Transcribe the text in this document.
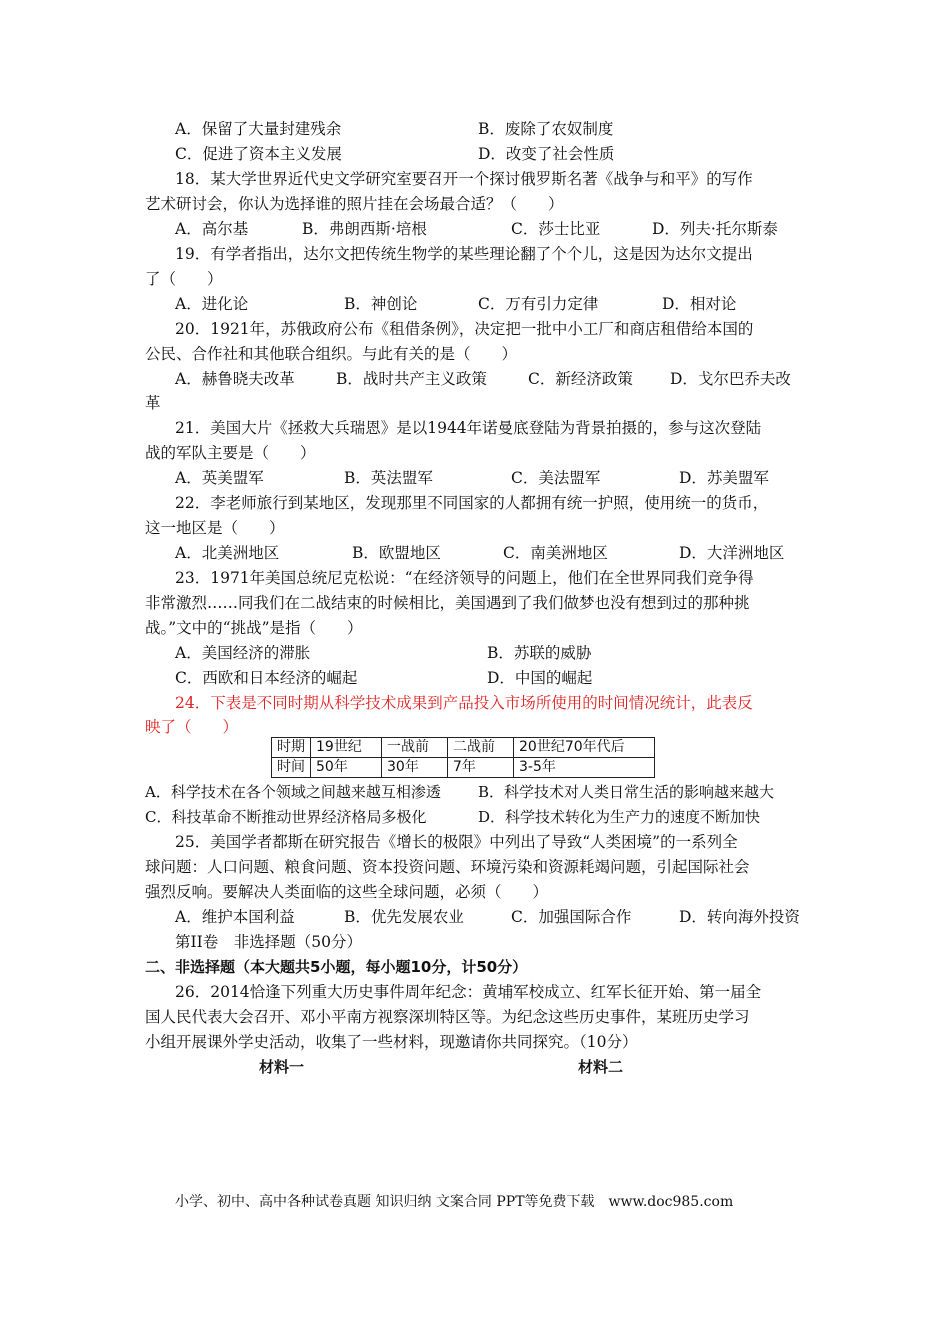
A．保留了大量封建残余	B．废除了农奴制度
C．促进了资本主义发展	D．改变了社会性质
18．某大学世界近代史文学研究室要召开一个探讨俄罗斯名著《战争与和平》的写作
艺术研讨会，你认为选择谁的照片挂在会场最合适？（　　）
A．高尔基	B．弗朗西斯·培根	C．莎士比亚	D．列夫·托尔斯泰
19．有学者指出，达尔文把传统生物学的某些理论翻了个个儿，这是因为达尔文提出
了（　　）
A．进化论	B．神创论	C．万有引力定律	D．相对论
20．1921年，苏俄政府公布《租借条例》，决定把一批中小工厂和商店租借给本国的
公民、合作社和其他联合组织。与此有关的是（　　）
A．赫鲁晓夫改革	B．战时共产主义政策	C．新经济政策 D．戈尔巴乔夫改
革
21．美国大片《拯救大兵瑞恩》是以1944年诺曼底登陆为背景拍摄的，参与这次登陆
战的军队主要是（　　）
A．英美盟军	B．英法盟军	C．美法盟军	D．苏美盟军
22．李老师旅行到某地区，发现那里不同国家的人都拥有统一护照，使用统一的货币，
这一地区是（　　）
A．北美洲地区	B．欧盟地区	C．南美洲地区	D．大洋洲地区
23．1971年美国总统尼克松说：“在经济领导的问题上，他们在全世界同我们竞争得
非常激烈……同我们在二战结束的时候相比，美国遇到了我们做梦也没有想到过的那种挑
战。”文中的“挑战”是指（　　）
A．美国经济的滞胀	B．苏联的威胁
C．西欧和日本经济的崛起	D．中国的崛起
24．下表是不同时期从科学技术成果到产品投入市场所使用的时间情况统计，此表反
映了（　　）
时期	19世纪	一战前	二战前	20世纪70年代后
时间	50年	30年	7年	3-5年
A．科学技术在各个领域之间越来越互相渗透 B．科学技术对人类日常生活的影响越来越大
C．科技革命不断推动世界经济格局多极化	D．科学技术转化为生产力的速度不断加快
25．美国学者都斯在研究报告《增长的极限》中列出了导致“人类困境”的一系列全
球问题：人口问题、粮食问题、资本投资问题、环境污染和资源耗竭问题，引起国际社会
强烈反响。要解决人类面临的这些全球问题，必须（　　）
A．维护本国利益	B．优先发展农业	C．加强国际合作	D．转向海外投资
第II卷　非选择题（50分）
二、非选择题（本大题共5小题，每小题10分，计50分）
26．2014恰逢下列重大历史事件周年纪念：黄埔军校成立、红军长征开始、第一届全
国人民代表大会召开、邓小平南方视察深圳特区等。为纪念这些历史事件，某班历史学习
小组开展课外学史活动，收集了一些材料，现邀请你共同探究。（10分）
材料一	材料二
小学、初中、高中各种试卷真题 知识归纳 文案合同 PPT等免费下载　www.doc985.com
